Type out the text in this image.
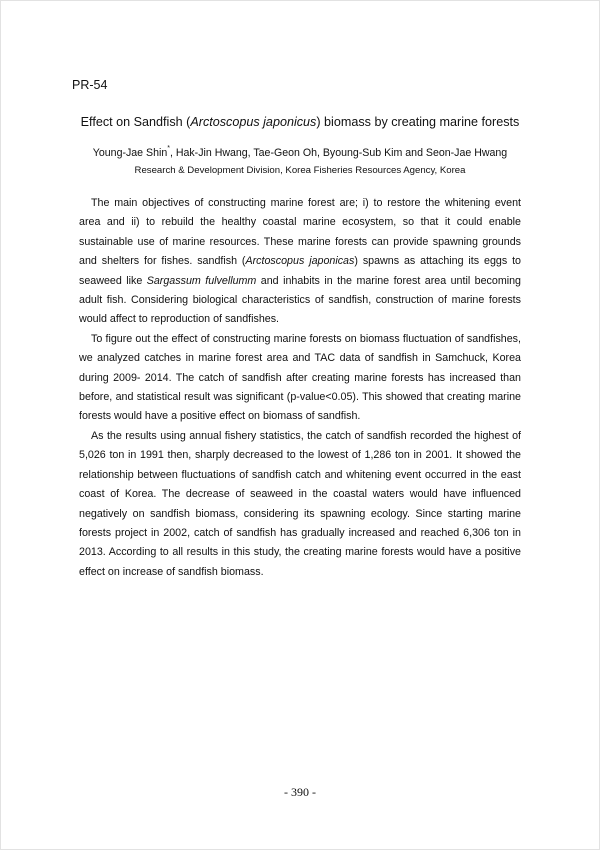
PR-54
Effect on Sandfish (Arctoscopus japonicus) biomass by creating marine forests
Young-Jae Shin*, Hak-Jin Hwang, Tae-Geon Oh, Byoung-Sub Kim and Seon-Jae Hwang
Research & Development Division, Korea Fisheries Resources Agency, Korea

The main objectives of constructing marine forest are; i) to restore the whitening event area and ii) to rebuild the healthy coastal marine ecosystem, so that it could enable sustainable use of marine resources. These marine forests can provide spawning grounds and shelters for fishes. sandfish (Arctoscopus japonicas) spawns as attaching its eggs to seaweed like Sargassum fulvellumm and inhabits in the marine forest area until becoming adult fish. Considering biological characteristics of sandfish, construction of marine forests would affect to reproduction of sandfishes.

To figure out the effect of constructing marine forests on biomass fluctuation of sandfishes, we analyzed catches in marine forest area and TAC data of sandfish in Samchuck, Korea during 2009- 2014. The catch of sandfish after creating marine forests has increased than before, and statistical result was significant (p-value<0.05). This showed that creating marine forests would have a positive effect on biomass of sandfish.

As the results using annual fishery statistics, the catch of sandfish recorded the highest of 5,026 ton in 1991 then, sharply decreased to the lowest of 1,286 ton in 2001. It showed the relationship between fluctuations of sandfish catch and whitening event occurred in the east coast of Korea. The decrease of seaweed in the coastal waters would have influenced negatively on sandfish biomass, considering its spawning ecology. Since starting marine forests project in 2002, catch of sandfish has gradually increased and reached 6,306 ton in 2013. According to all results in this study, the creating marine forests would have a positive effect on increase of sandfish biomass.

- 390 -
